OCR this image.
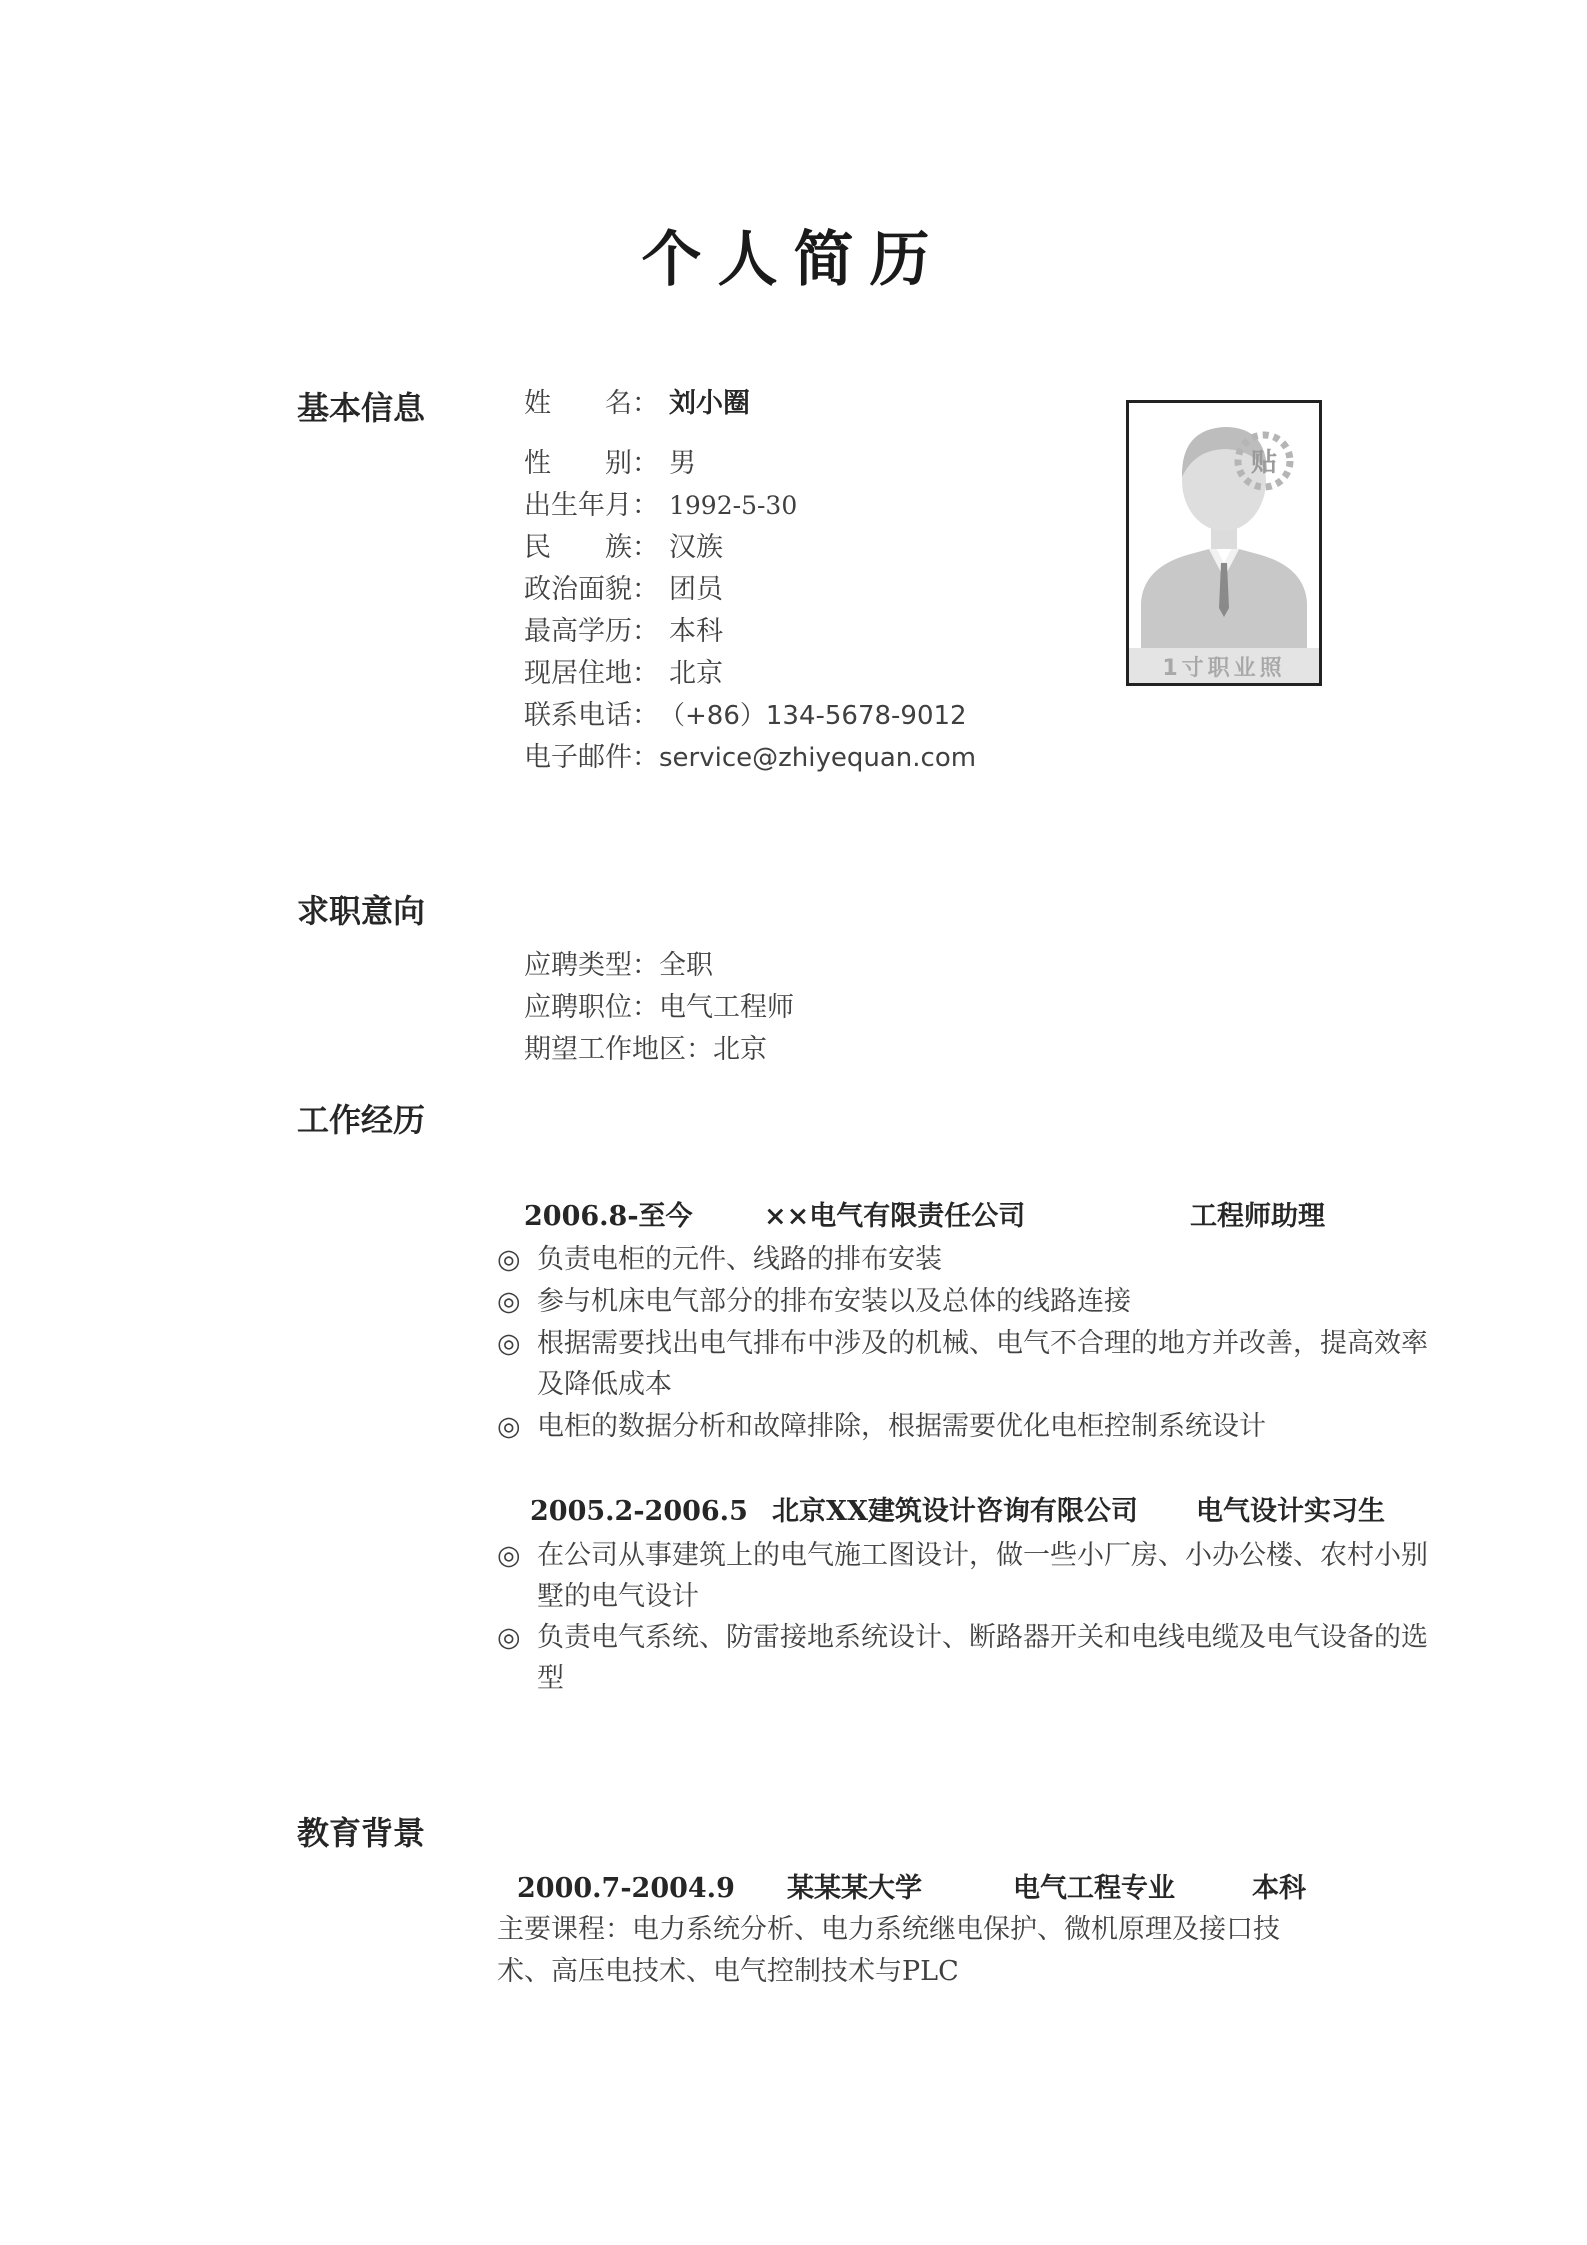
个人简历
基本信息	姓　　名： 刘小圈
性　　别： 男
出生年月： 1992-5-30
民　　族： 汉族
政治面貌： 团员
最高学历： 本科
现居住地： 北京
联系电话：（+86）134-5678-9012
电子邮件：service@zhiyequan.com
贴
1寸职业照
求职意向
应聘类型：全职
应聘职位：电气工程师
期望工作地区：北京
工作经历
2006.8-至今	××电气有限责任公司	工程师助理
◎ 负责电柜的元件、线路的排布安装
◎ 参与机床电气部分的排布安装以及总体的线路连接
◎ 根据需要找出电气排布中涉及的机械、电气不合理的地方并改善，提高效率及降低成本
◎ 电柜的数据分析和故障排除，根据需要优化电柜控制系统设计
2005.2-2006.5 北京XX建筑设计咨询有限公司 电气设计实习生
◎ 在公司从事建筑上的电气施工图设计，做一些小厂房、小办公楼、农村小别墅的电气设计
◎ 负责电气系统、防雷接地系统设计、断路器开关和电线电缆及电气设备的选型
教育背景
2000.7-2004.9 某某某大学	电气工程专业	本科
主要课程：电力系统分析、电力系统继电保护、微机原理及接口技
术、高压电技术、电气控制技术与PLC
